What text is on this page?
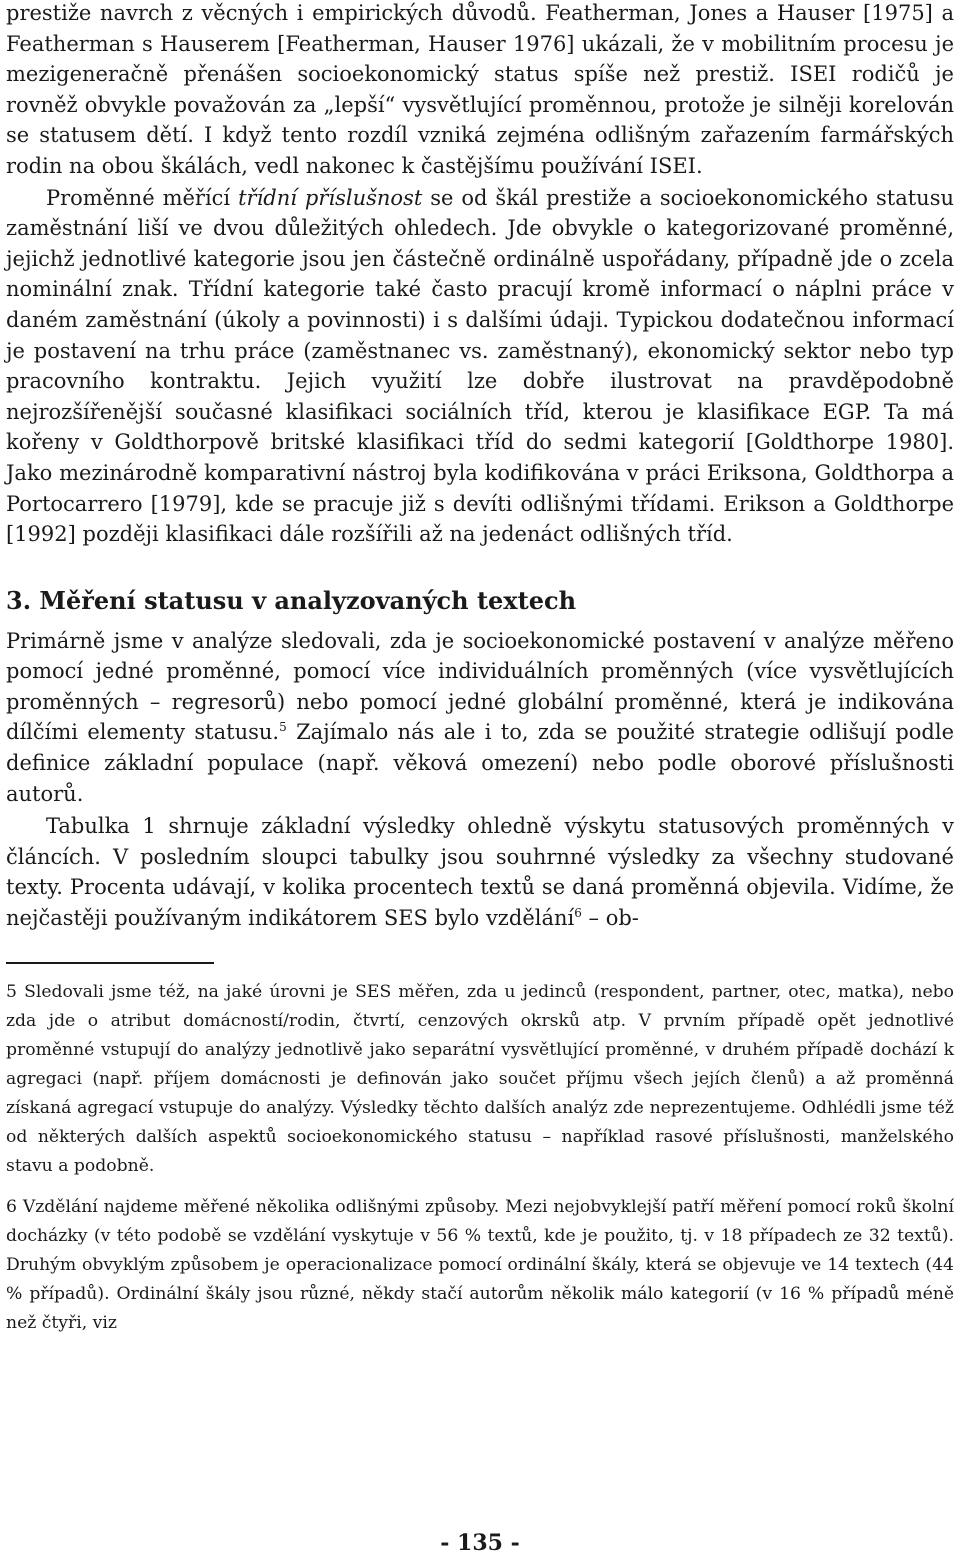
prestiže navrch z věcných i empirických důvodů. Featherman, Jones a Hauser [1975] a Featherman s Hauserem [Featherman, Hauser 1976] ukázali, že v mobilitním procesu je mezigeneračně přenášen socioekonomický status spíše než prestiž. ISEI rodičů je rovněž obvykle považován za „lepší“ vysvětlující proměnnou, protože je silněji korelován se statusem dětí. I když tento rozdíl vzniká zejména odlišným zařazením farmářských rodin na obou škálách, vedl nakonec k častějšímu používání ISEI.

Proměnné měřící třídní příslušnost se od škál prestiže a socioekonomického statusu zaměstnání liší ve dvou důležitých ohledech. Jde obvykle o kategorizované proměnné, jejichž jednotlivé kategorie jsou jen částečně ordinálně uspořádany, případně jde o zcela nominální znak. Třídní kategorie také často pracují kromě informací o náplni práce v daném zaměstnání (úkoly a povinnosti) i s dalšími údaji. Typickou dodatečnou informací je postavení na trhu práce (zaměstnanec vs. zaměstnaný), ekonomický sektor nebo typ pracovního kontraktu. Jejich využití lze dobře ilustrovat na pravděpodobně nejrozšířenější současné klasifikaci sociálních tříd, kterou je klasifikace EGP. Ta má kořeny v Goldthorpově britské klasifikaci tříd do sedmi kategorií [Goldthorpe 1980]. Jako mezinárodně komparativní nástroj byla kodifikována v práci Eriksona, Goldthorpa a Portocarrero [1979], kde se pracuje již s devíti odlišnými třídami. Erikson a Goldthorpe [1992] později klasifikaci dále rozšířili až na jedenáct odlišných tříd.

3. Měření statusu v analyzovaných textech

Primárně jsme v analýze sledovali, zda je socioekonomické postavení v analýze měřeno pomocí jedné proměnné, pomocí více individuálních proměnných (více vysvětlujících proměnných – regresorů) nebo pomocí jedné globální proměnné, která je indikována dílčími elementy statusu.$^5$ Zajímalo nás ale i to, zda se použité strategie odlišují podle definice základní populace (např. věková omezení) nebo podle oborové příslušnosti autorů.

Tabulka 1 shrnuje základní výsledky ohledně výskytu statusových proměnných v článcích. V posledním sloupci tabulky jsou souhrnné výsledky za všechny studované texty. Procenta udávají, v kolika procentech textů se daná proměnná objevila. Vidíme, že nejčastěji používaným indikátorem SES bylo vzdělání$^6$ – ob-

5 Sledovali jsme též, na jaké úrovni je SES měřen, zda u jedinců (respondent, partner, otec, matka), nebo zda jde o atribut domácností/rodin, čtvrtí, cenzových okrsků atp. V prvním případě opět jednotlivé proměnné vstupují do analýzy jednotlivě jako separátní vysvětlující proměnné, v druhém případě dochází k agregaci (např. příjem domácnosti je definován jako součet příjmu všech jejích členů) a až proměnná získaná agregací vstupuje do analýzy. Výsledky těchto dalších analýz zde neprezentujeme. Odhlédli jsme též od některých dalších aspektů socioekonomického statusu – například rasové příslušnosti, manželského stavu a podobně.

6 Vzdělání najdeme měřené několika odlišnými způsoby. Mezi nejobvyklejší patří měření pomocí roků školní docházky (v této podobě se vzdělání vyskytuje v 56 % textů, kde je použito, tj. v 18 případech ze 32 textů). Druhým obvyklým způsobem je operacionalizace pomocí ordinální škály, která se objevuje ve 14 textech (44 % případů). Ordinální škály jsou různé, někdy stačí autorům několik málo kategorií (v 16 % případů méně než čtyři, viz

- 135 -
